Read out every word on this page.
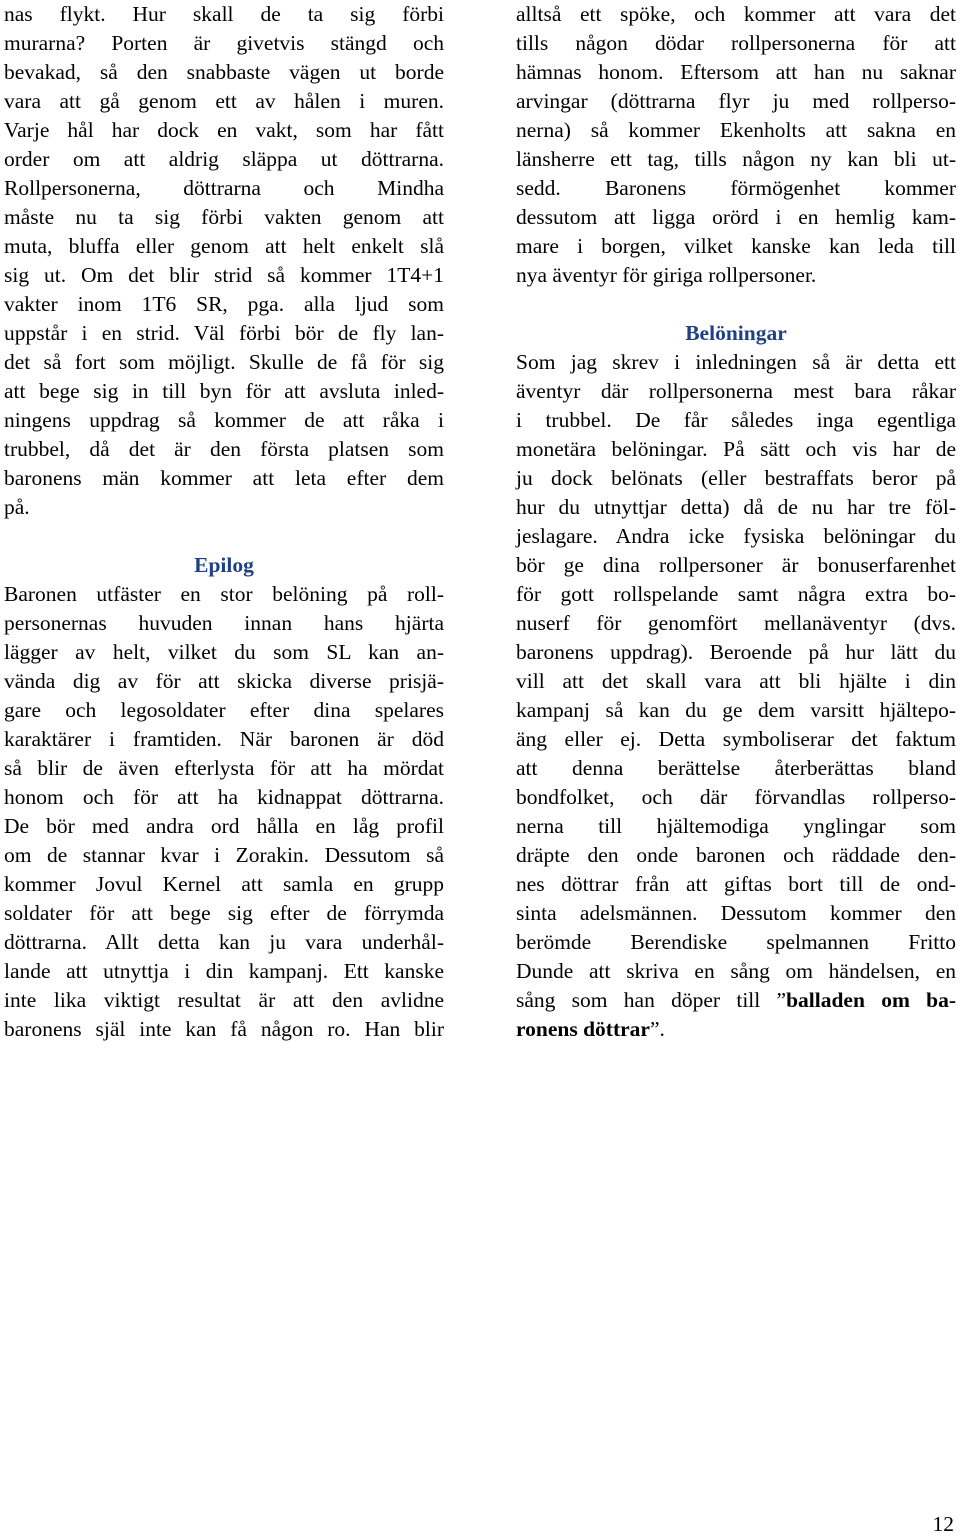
nas flykt. Hur skall de ta sig förbi
murarna? Porten är givetvis stängd och
bevakad, så den snabbaste vägen ut borde
vara att gå genom ett av hålen i muren.
Varje hål har dock en vakt, som har fått
order om att aldrig släppa ut döttrarna.
Rollpersonerna, döttrarna och Mindha
måste nu ta sig förbi vakten genom att
muta, bluffa eller genom att helt enkelt slå
sig ut. Om det blir strid så kommer 1T4+1
vakter inom 1T6 SR, pga. alla ljud som
uppstår i en strid. Väl förbi bör de fly lan-
det så fort som möjligt. Skulle de få för sig
att bege sig in till byn för att avsluta inled-
ningens uppdrag så kommer de att råka i
trubbel, då det är den första platsen som
baronens män kommer att leta efter dem
på.
Epilog
Baronen utfäster en stor belöning på roll-
personernas huvuden innan hans hjärta
lägger av helt, vilket du som SL kan an-
vända dig av för att skicka diverse prisjä-
gare och legosoldater efter dina spelares
karaktärer i framtiden. När baronen är död
så blir de även efterlysta för att ha mördat
honom och för att ha kidnappat döttrarna.
De bör med andra ord hålla en låg profil
om de stannar kvar i Zorakin. Dessutom så
kommer Jovul Kernel att samla en grupp
soldater för att bege sig efter de förrymda
döttrarna. Allt detta kan ju vara underhål-
lande att utnyttja i din kampanj. Ett kanske
inte lika viktigt resultat är att den avlidne
baronens själ inte kan få någon ro. Han blir
alltså ett spöke, och kommer att vara det
tills någon dödar rollpersonerna för att
hämnas honom. Eftersom att han nu saknar
arvingar (döttrarna flyr ju med rollperso-
nerna) så kommer Ekenholts att sakna en
länsherre ett tag, tills någon ny kan bli ut-
sedd. Baronens förmögenhet kommer
dessutom att ligga orörd i en hemlig kam-
mare i borgen, vilket kanske kan leda till
nya äventyr för giriga rollpersoner.
Belöningar
Som jag skrev i inledningen så är detta ett
äventyr där rollpersonerna mest bara råkar
i trubbel. De får således inga egentliga
monetära belöningar. På sätt och vis har de
ju dock belönats (eller bestraffats beror på
hur du utnyttjar detta) då de nu har tre föl-
jeslagare. Andra icke fysiska belöningar du
bör ge dina rollpersoner är bonuserfarenhet
för gott rollspelande samt några extra bo-
nuserf för genomfört mellanäventyr (dvs.
baronens uppdrag). Beroende på hur lätt du
vill att det skall vara att bli hjälte i din
kampanj så kan du ge dem varsitt hjältepo-
äng eller ej. Detta symboliserar det faktum
att denna berättelse återberättas bland
bondfolket, och där förvandlas rollperso-
nerna till hjältemodiga ynglingar som
dräpte den onde baronen och räddade den-
nes döttrar från att giftas bort till de ond-
sinta adelsmännen. Dessutom kommer den
berömde Berendiske spelmannen Fritto
Dunde att skriva en sång om händelsen, en
sång som han döper till ”balladen om ba-
ronens döttrar”.
12
